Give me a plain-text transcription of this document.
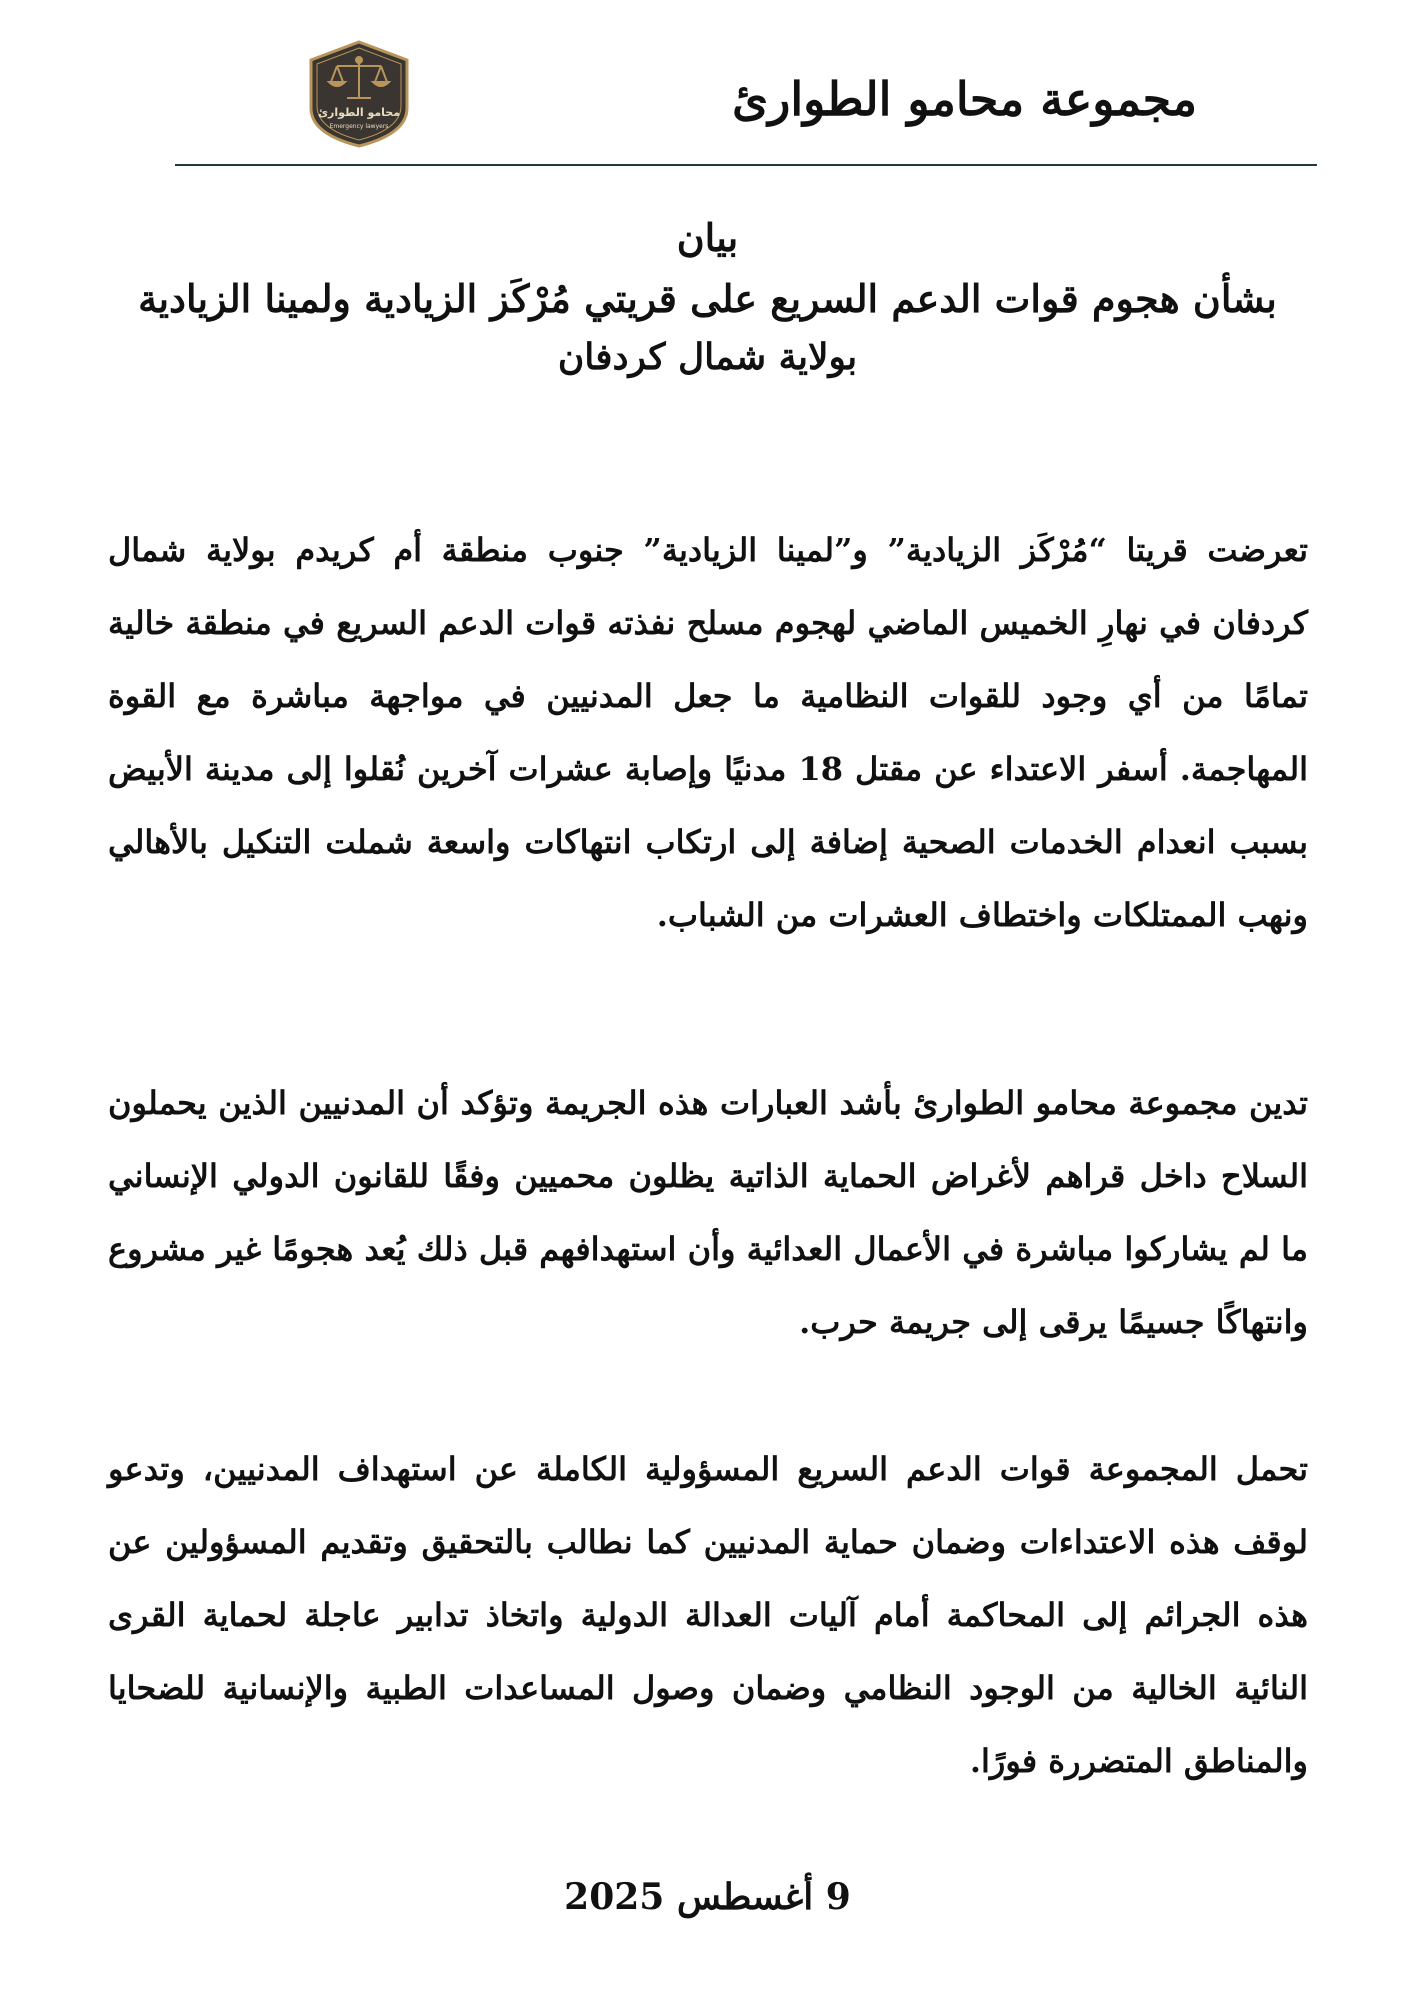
مجموعة محامو الطوارئ
محامو الطوارئ
Emergency lawyers

بيان

بشأن هجوم قوات الدعم السريع على قريتي مُرْكَز الزيادية ولمينا الزيادية

بولاية شمال كردفان

تعرضت قريتا “مُرْكَز الزيادية” و”لمينا الزيادية” جنوب منطقة أم كريدم بولاية شمال كردفان في نهارِ الخميس الماضي لهجوم مسلح نفذته قوات الدعم السريع في منطقة خالية تمامًا من أي وجود للقوات النظامية ما جعل المدنيين في مواجهة مباشرة مع القوة المهاجمة. أسفر الاعتداء عن مقتل 18 مدنيًا وإصابة عشرات آخرين نُقلوا إلى مدينة الأبيض بسبب انعدام الخدمات الصحية إضافة إلى ارتكاب انتهاكات واسعة شملت التنكيل بالأهالي ونهب الممتلكات واختطاف العشرات من الشباب.

تدين مجموعة محامو الطوارئ بأشد العبارات هذه الجريمة وتؤكد أن المدنيين الذين يحملون السلاح داخل قراهم لأغراض الحماية الذاتية يظلون محميين وفقًا للقانون الدولي الإنساني ما لم يشاركوا مباشرة في الأعمال العدائية وأن استهدافهم قبل ذلك يُعد هجومًا غير مشروع وانتهاكًا جسيمًا يرقى إلى جريمة حرب.

تحمل المجموعة قوات الدعم السريع المسؤولية الكاملة عن استهداف المدنيين، وتدعو لوقف هذه الاعتداءات وضمان حماية المدنيين كما نطالب بالتحقيق وتقديم المسؤولين عن هذه الجرائم إلى المحاكمة أمام آليات العدالة الدولية واتخاذ تدابير عاجلة لحماية القرى النائية الخالية من الوجود النظامي وضمان وصول المساعدات الطبية والإنسانية للضحايا والمناطق المتضررة فورًا.

9 أغسطس 2025
